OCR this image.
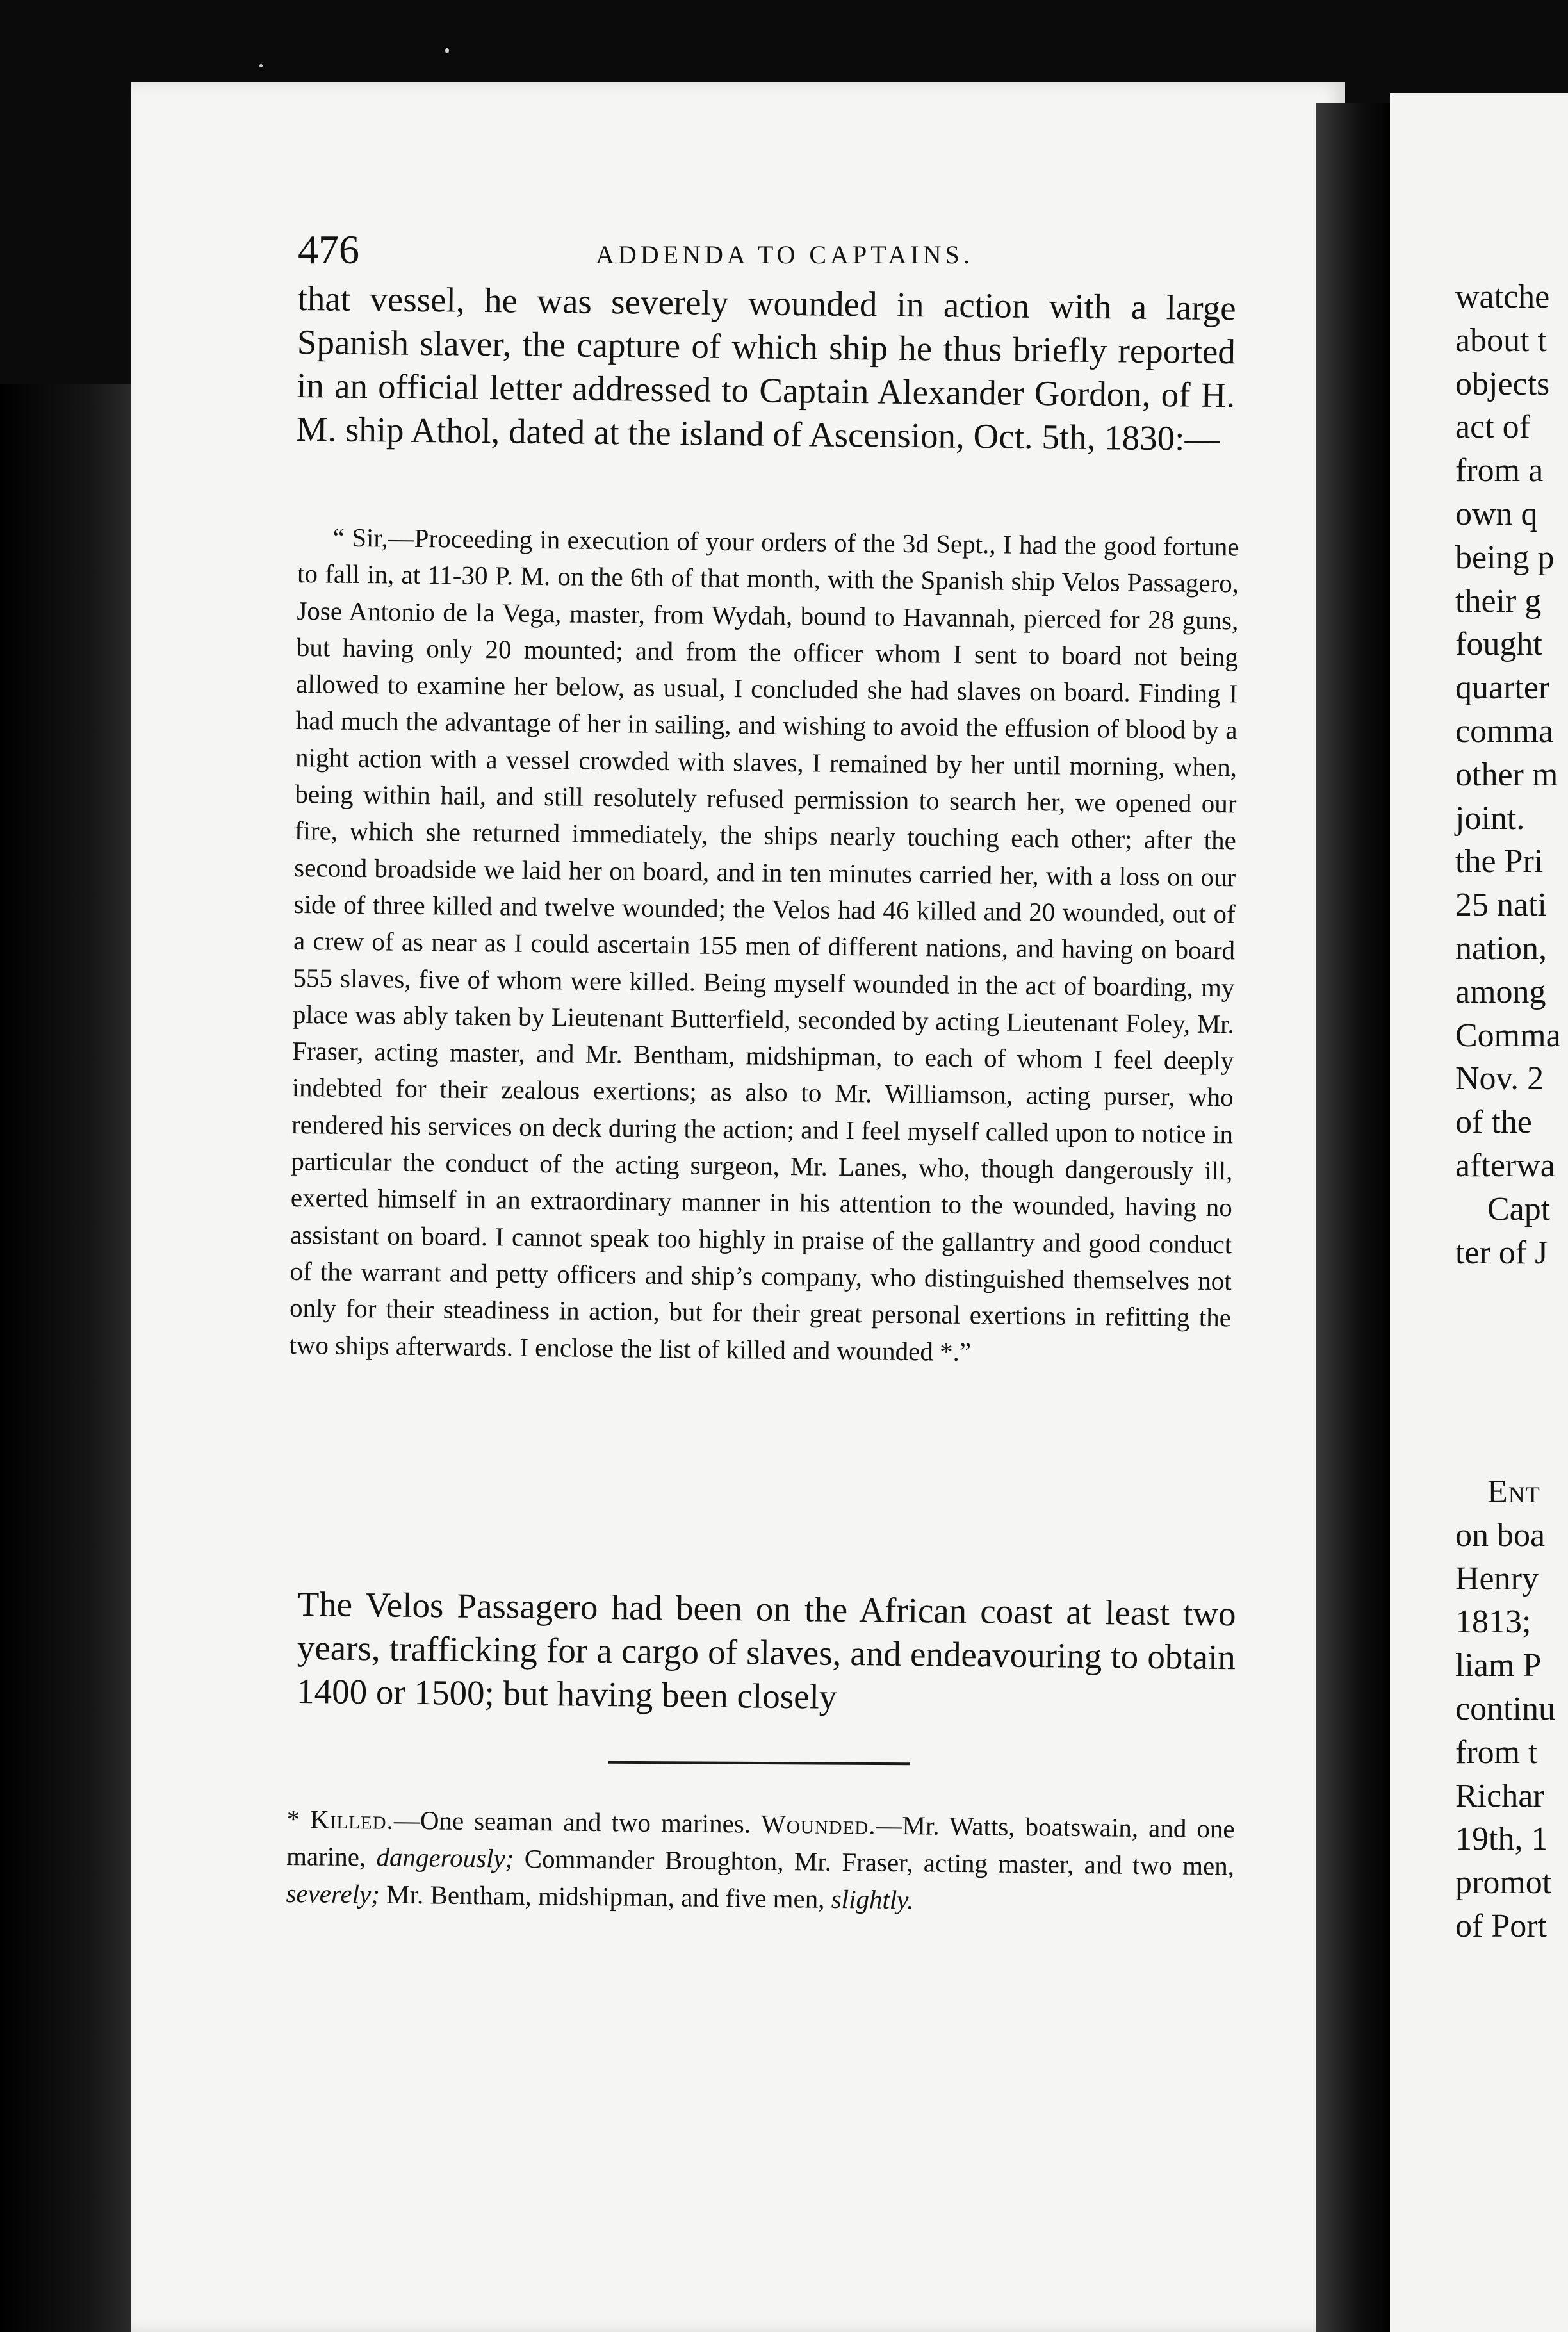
476	ADDENDA TO CAPTAINS.
that vessel, he was severely wounded in action with a large Spanish slaver, the capture of which ship he thus briefly reported in an official letter addressed to Captain Alexander Gordon, of H. M. ship Athol, dated at the island of Ascension, Oct. 5th, 1830:—
“ Sir,—Proceeding in execution of your orders of the 3d Sept., I had the good fortune to fall in, at 11-30 P. M. on the 6th of that month, with the Spanish ship Velos Passagero, Jose Antonio de la Vega, master, from Wydah, bound to Havannah, pierced for 28 guns, but having only 20 mounted; and from the officer whom I sent to board not being allowed to examine her below, as usual, I concluded she had slaves on board. Finding I had much the advantage of her in sailing, and wishing to avoid the effusion of blood by a night action with a vessel crowded with slaves, I remained by her until morning, when, being within hail, and still resolutely refused permission to search her, we opened our fire, which she returned immediately, the ships nearly touching each other; after the second broadside we laid her on board, and in ten minutes carried her, with a loss on our side of three killed and twelve wounded; the Velos had 46 killed and 20 wounded, out of a crew of as near as I could ascertain 155 men of different nations, and having on board 555 slaves, five of whom were killed. Being myself wounded in the act of boarding, my place was ably taken by Lieutenant Butterfield, seconded by acting Lieutenant Foley, Mr. Fraser, acting master, and Mr. Bentham, midshipman, to each of whom I feel deeply indebted for their zealous exertions; as also to Mr. Williamson, acting purser, who rendered his services on deck during the action; and I feel myself called upon to notice in particular the conduct of the acting surgeon, Mr. Lanes, who, though dangerously ill, exerted himself in an extraordinary manner in his attention to the wounded, having no assistant on board. I cannot speak too highly in praise of the gallantry and good conduct of the warrant and petty officers and ship’s company, who distinguished themselves not only for their steadiness in action, but for their great personal exertions in refitting the two ships afterwards. I enclose the list of killed and wounded *.”
The Velos Passagero had been on the African coast at least two years, trafficking for a cargo of slaves, and endeavouring to obtain 1400 or 1500; but having been closely
* Killed.—One seaman and two marines. Wounded.—Mr. Watts, boatswain, and one marine, dangerously; Commander Broughton, Mr. Fraser, acting master, and two men, severely; Mr. Bentham, midshipman, and five men, slightly.
watche
about t
objects
act of
from a
own q
being p
their g
fought
quarter
comma
other m
joint.
the Pri
25 nati
nation,
among
Comma
Nov. 2
of the
afterwa
Capt
ter of J
Ent
on boa
Henry
1813;
liam P
continu
from t
Richar
19th, 1
promot
of Port
